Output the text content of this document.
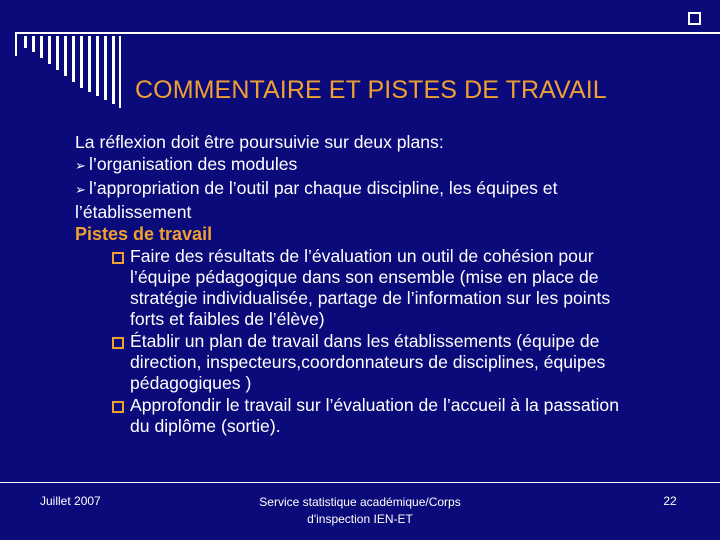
COMMENTAIRE ET PISTES DE TRAVAIL
La réflexion doit être poursuivie sur deux plans:
➢ l’organisation des modules
➢ l’appropriation de l’outil par chaque discipline, les équipes et
l’établissement
Pistes de travail
Faire des résultats de l’évaluation un outil de cohésion pour
l’équipe pédagogique dans son ensemble (mise en place de
stratégie individualisée, partage de l’information sur les points
forts et faibles de l’élève)
Établir un plan de travail dans les établissements (équipe de
direction, inspecteurs,coordonnateurs de disciplines, équipes
pédagogiques )
Approfondir le travail sur l’évaluation de l’accueil à la passation
du diplôme (sortie).
Juillet 2007	Service statistique académique/Corps
d'inspection IEN-ET
22
